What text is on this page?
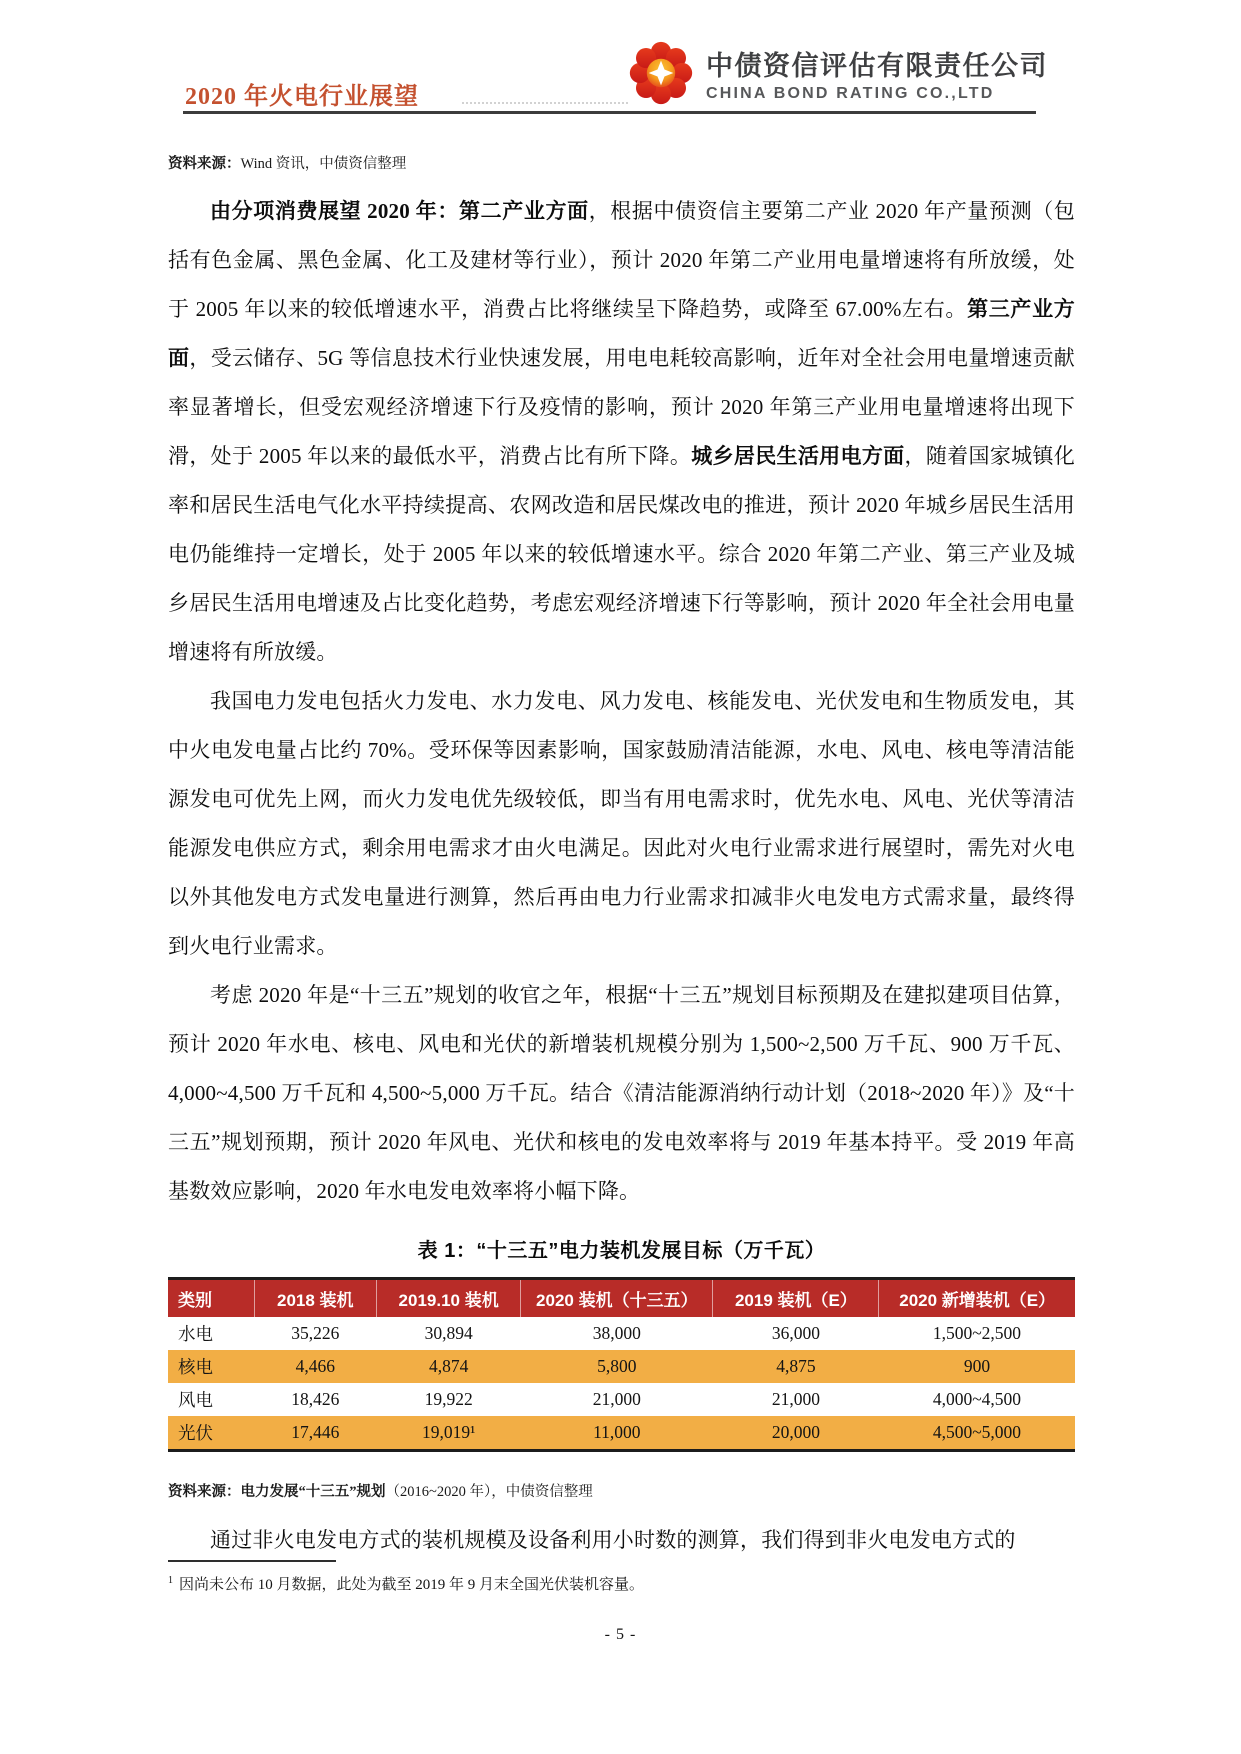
2020 年火电行业展望
中债资信评估有限责任公司
CHINA BOND RATING CO.,LTD

资料来源：Wind 资讯，中债资信整理

由分项消费展望 2020 年：第二产业方面，根据中债资信主要第二产业 2020 年产量预测（包括有色金属、黑色金属、化工及建材等行业），预计 2020 年第二产业用电量增速将有所放缓，处于 2005 年以来的较低增速水平，消费占比将继续呈下降趋势，或降至 67.00%左右。第三产业方面，受云储存、5G 等信息技术行业快速发展，用电电耗较高影响，近年对全社会用电量增速贡献率显著增长，但受宏观经济增速下行及疫情的影响，预计 2020 年第三产业用电量增速将出现下滑，处于 2005 年以来的最低水平，消费占比有所下降。城乡居民生活用电方面，随着国家城镇化率和居民生活电气化水平持续提高、农网改造和居民煤改电的推进，预计 2020 年城乡居民生活用电仍能维持一定增长，处于 2005 年以来的较低增速水平。综合 2020 年第二产业、第三产业及城乡居民生活用电增速及占比变化趋势，考虑宏观经济增速下行等影响，预计 2020 年全社会用电量增速将有所放缓。

我国电力发电包括火力发电、水力发电、风力发电、核能发电、光伏发电和生物质发电，其中火电发电量占比约 70%。受环保等因素影响，国家鼓励清洁能源，水电、风电、核电等清洁能源发电可优先上网，而火力发电优先级较低，即当有用电需求时，优先水电、风电、光伏等清洁能源发电供应方式，剩余用电需求才由火电满足。因此对火电行业需求进行展望时，需先对火电以外其他发电方式发电量进行测算，然后再由电力行业需求扣减非火电发电方式需求量，最终得到火电行业需求。

考虑 2020 年是“十三五”规划的收官之年，根据“十三五”规划目标预期及在建拟建项目估算，预计 2020 年水电、核电、风电和光伏的新增装机规模分别为 1,500~2,500 万千瓦、900 万千瓦、4,000~4,500 万千瓦和 4,500~5,000 万千瓦。结合《清洁能源消纳行动计划（2018~2020 年）》及“十三五”规划预期，预计 2020 年风电、光伏和核电的发电效率将与 2019 年基本持平。受 2019 年高基数效应影响，2020 年水电发电效率将小幅下降。

表 1：“十三五”电力装机发展目标（万千瓦）
类别	2018 装机	2019.10 装机	2020 装机（十三五）	2019 装机（E）	2020 新增装机（E）
水电	35,226	30,894	38,000	36,000	1,500~2,500
核电	4,466	4,874	5,800	4,875	900
风电	18,426	19,922	21,000	21,000	4,000~4,500
光伏	17,446	19,019¹	11,000	20,000	4,500~5,000

资料来源：电力发展“十三五”规划（2016~2020 年），中债资信整理

通过非火电发电方式的装机规模及设备利用小时数的测算，我们得到非火电发电方式的

$^1$ 因尚未公布 10 月数据，此处为截至 2019 年 9 月末全国光伏装机容量。
- 5 -
